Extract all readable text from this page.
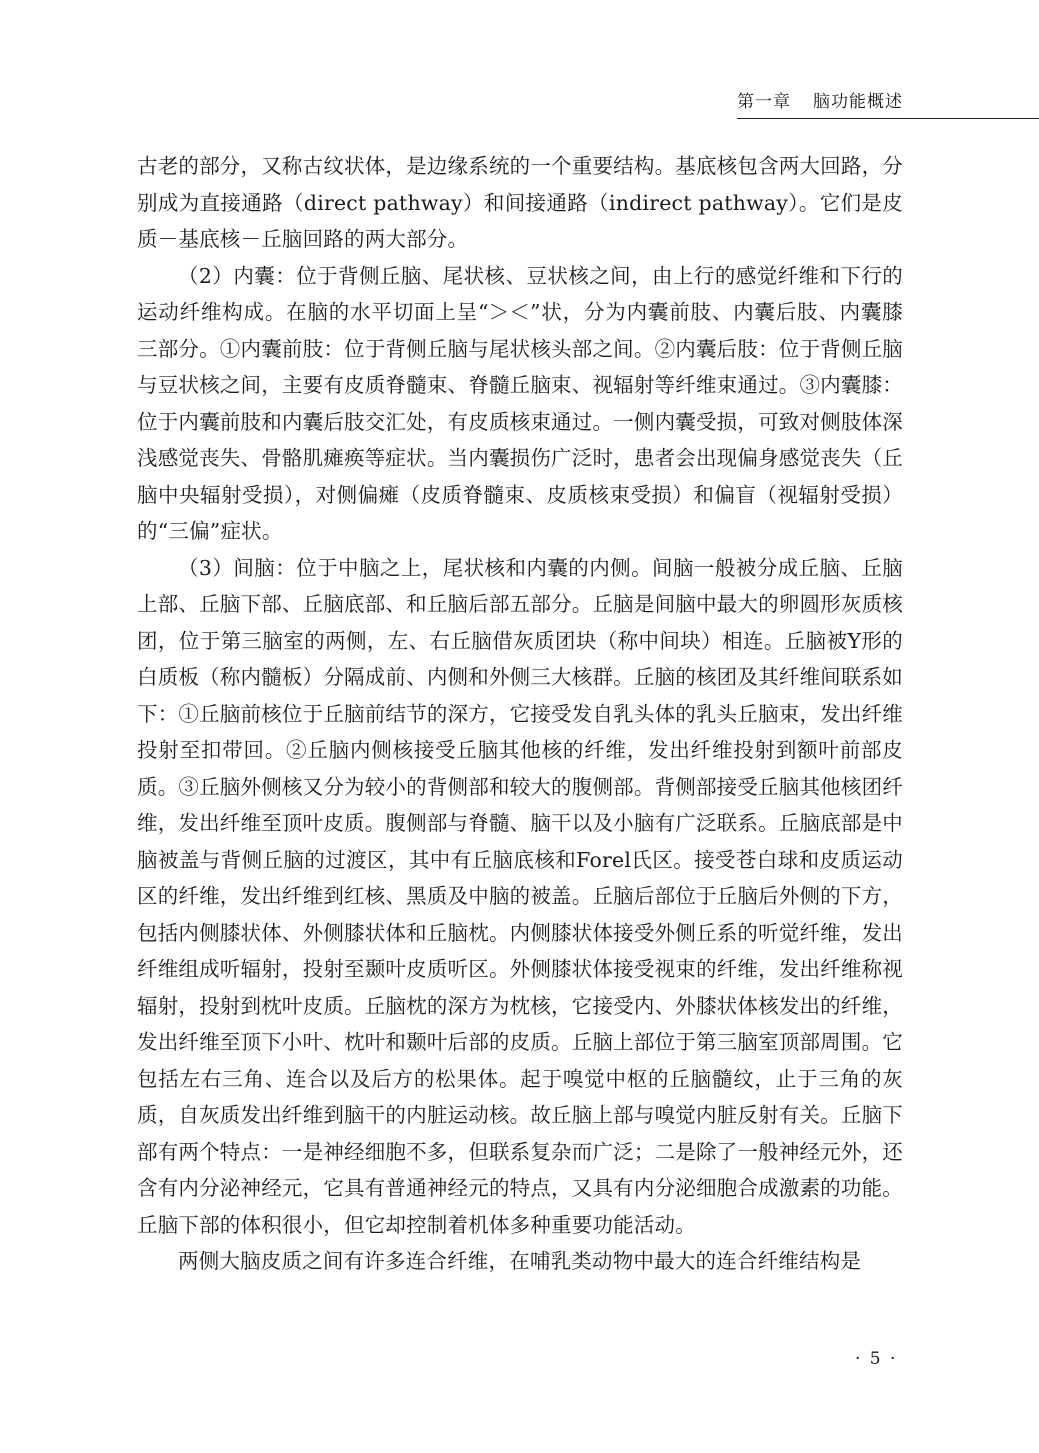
第一章 脑功能概述

古老的部分，又称古纹状体，是边缘系统的一个重要结构。基底核包含两大回路，分别成为直接通路（direct pathway）和间接通路（indirect pathway）。它们是皮质－基底核－丘脑回路的两大部分。

（2）内囊：位于背侧丘脑、尾状核、豆状核之间，由上行的感觉纤维和下行的运动纤维构成。在脑的水平切面上呈“＞＜”状，分为内囊前肢、内囊后肢、内囊膝三部分。①内囊前肢：位于背侧丘脑与尾状核头部之间。②内囊后肢：位于背侧丘脑与豆状核之间，主要有皮质脊髓束、脊髓丘脑束、视辐射等纤维束通过。③内囊膝：位于内囊前肢和内囊后肢交汇处，有皮质核束通过。一侧内囊受损，可致对侧肢体深浅感觉丧失、骨骼肌瘫痪等症状。当内囊损伤广泛时，患者会出现偏身感觉丧失（丘脑中央辐射受损），对侧偏瘫（皮质脊髓束、皮质核束受损）和偏盲（视辐射受损）的“三偏”症状。

（3）间脑：位于中脑之上，尾状核和内囊的内侧。间脑一般被分成丘脑、丘脑上部、丘脑下部、丘脑底部、和丘脑后部五部分。丘脑是间脑中最大的卵圆形灰质核团，位于第三脑室的两侧，左、右丘脑借灰质团块（称中间块）相连。丘脑被Y形的白质板（称内髓板）分隔成前、内侧和外侧三大核群。丘脑的核团及其纤维间联系如下：①丘脑前核位于丘脑前结节的深方，它接受发自乳头体的乳头丘脑束，发出纤维投射至扣带回。②丘脑内侧核接受丘脑其他核的纤维，发出纤维投射到额叶前部皮质。③丘脑外侧核又分为较小的背侧部和较大的腹侧部。背侧部接受丘脑其他核团纤维，发出纤维至顶叶皮质。腹侧部与脊髓、脑干以及小脑有广泛联系。丘脑底部是中脑被盖与背侧丘脑的过渡区，其中有丘脑底核和Forel氏区。接受苍白球和皮质运动区的纤维，发出纤维到红核、黑质及中脑的被盖。丘脑后部位于丘脑后外侧的下方，包括内侧膝状体、外侧膝状体和丘脑枕。内侧膝状体接受外侧丘系的听觉纤维，发出纤维组成听辐射，投射至颞叶皮质听区。外侧膝状体接受视束的纤维，发出纤维称视辐射，投射到枕叶皮质。丘脑枕的深方为枕核，它接受内、外膝状体核发出的纤维，发出纤维至顶下小叶、枕叶和颞叶后部的皮质。丘脑上部位于第三脑室顶部周围。它包括左右三角、连合以及后方的松果体。起于嗅觉中枢的丘脑髓纹，止于三角的灰质，自灰质发出纤维到脑干的内脏运动核。故丘脑上部与嗅觉内脏反射有关。丘脑下部有两个特点：一是神经细胞不多，但联系复杂而广泛；二是除了一般神经元外，还含有内分泌神经元，它具有普通神经元的特点，又具有内分泌细胞合成激素的功能。丘脑下部的体积很小，但它却控制着机体多种重要功能活动。

两侧大脑皮质之间有许多连合纤维，在哺乳类动物中最大的连合纤维结构是

· 5 ·
